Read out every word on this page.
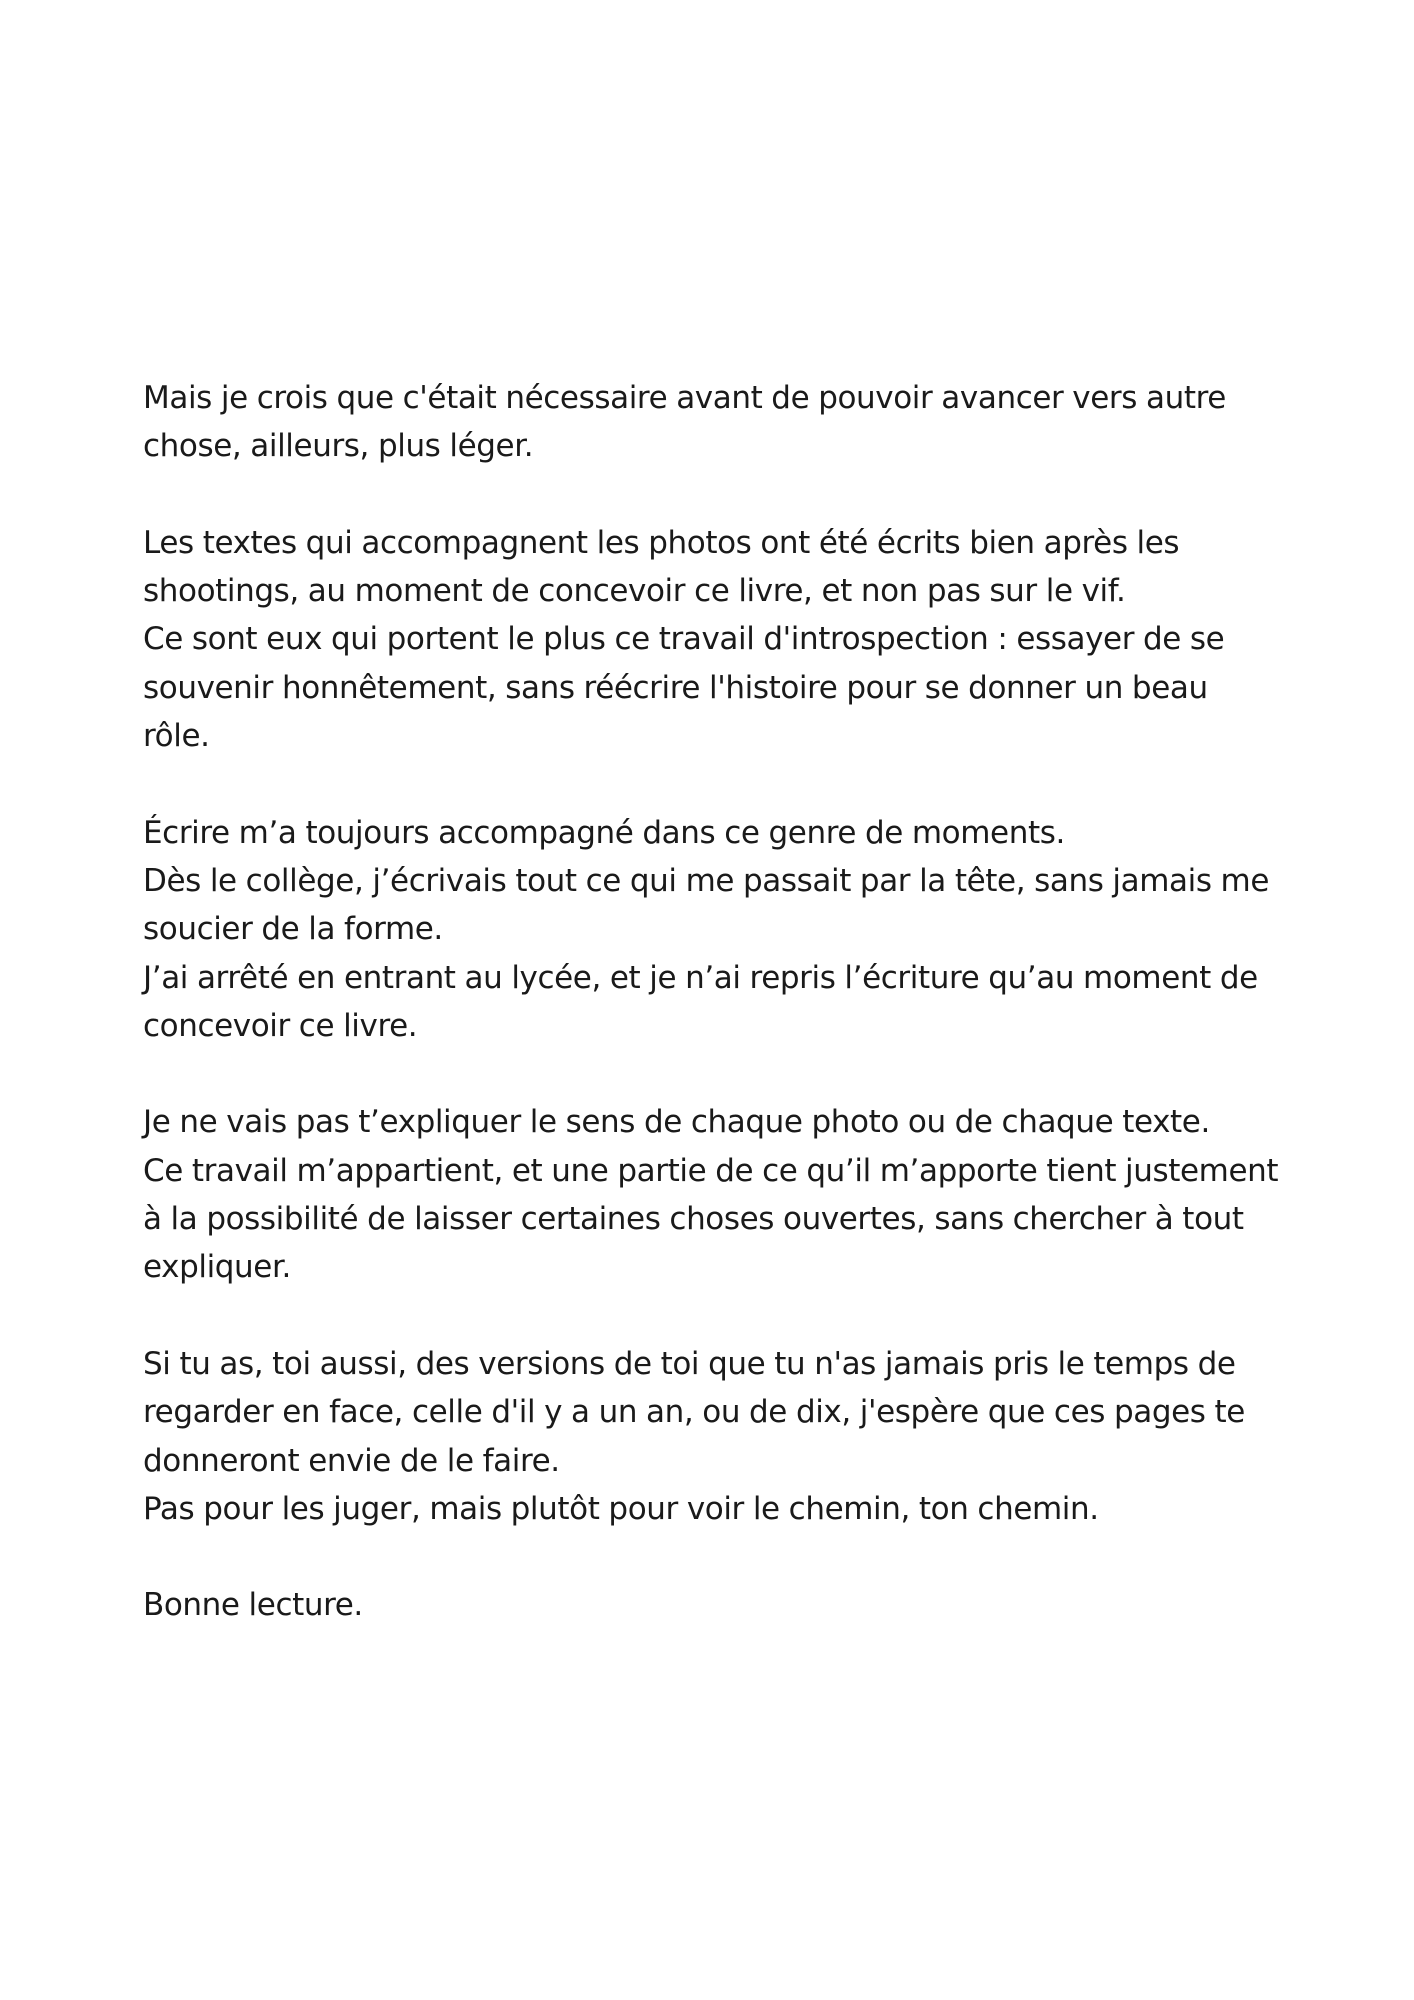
Mais je crois que c'était nécessaire avant de pouvoir avancer vers autre
chose, ailleurs, plus léger.
Les textes qui accompagnent les photos ont été écrits bien après les
shootings, au moment de concevoir ce livre, et non pas sur le vif.
Ce sont eux qui portent le plus ce travail d'introspection : essayer de se
souvenir honnêtement, sans réécrire l'histoire pour se donner un beau
rôle.
Écrire m’a toujours accompagné dans ce genre de moments.
Dès le collège, j’écrivais tout ce qui me passait par la tête, sans jamais me
soucier de la forme.
J’ai arrêté en entrant au lycée, et je n’ai repris l’écriture qu’au moment de
concevoir ce livre.
Je ne vais pas t’expliquer le sens de chaque photo ou de chaque texte.
Ce travail m’appartient, et une partie de ce qu’il m’apporte tient justement
à la possibilité de laisser certaines choses ouvertes, sans chercher à tout
expliquer.
Si tu as, toi aussi, des versions de toi que tu n'as jamais pris le temps de
regarder en face, celle d'il y a un an, ou de dix, j'espère que ces pages te
donneront envie de le faire.
Pas pour les juger, mais plutôt pour voir le chemin, ton chemin.
Bonne lecture.
